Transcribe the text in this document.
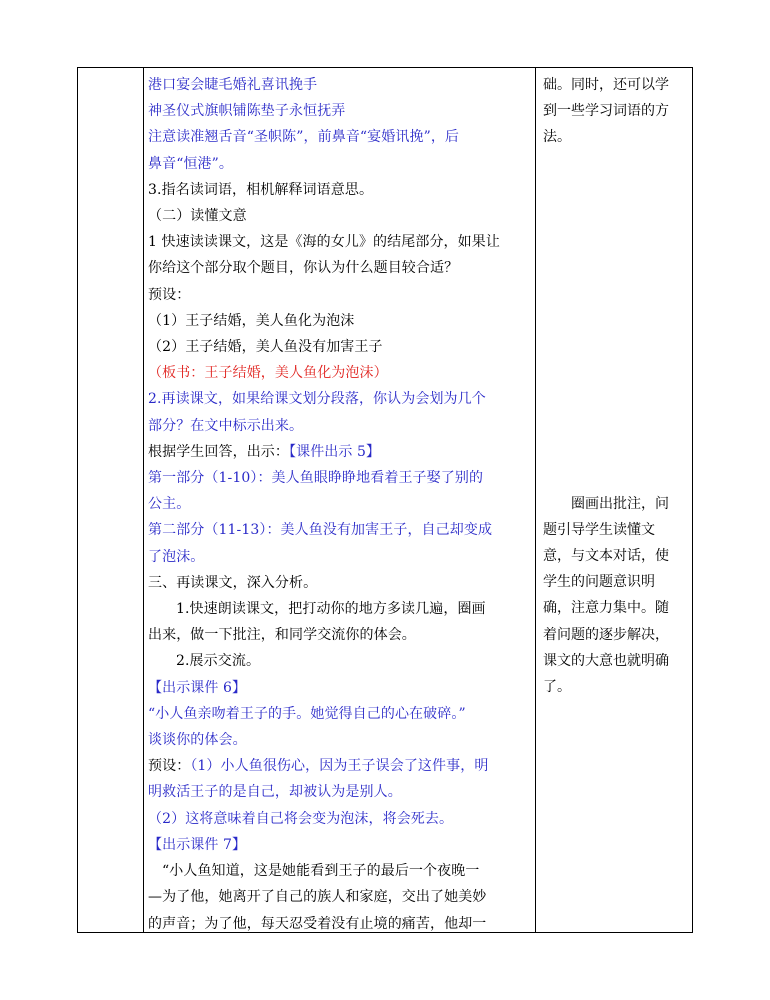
港口宴会睫毛婚礼喜讯挽手
神圣仪式旗帜铺陈垫子永恒抚弄
注意读准翘舌音“圣帜陈”，前鼻音“宴婚讯挽”，后
鼻音“恒港”。
3.指名读词语，相机解释词语意思。
（二）读懂文意
1 快速读读课文，这是《海的女儿》的结尾部分，如果让
你给这个部分取个题目，你认为什么题目较合适？
预设：
（1）王子结婚，美人鱼化为泡沫
（2）王子结婚，美人鱼没有加害王子
（板书：王子结婚，美人鱼化为泡沫）
2.再读课文，如果给课文划分段落，你认为会划为几个
部分？在文中标示出来。
根据学生回答，出示：【课件出示 5】
第一部分（1-10）：美人鱼眼睁睁地看着王子娶了别的
公主。
第二部分（11-13）：美人鱼没有加害王子，自己却变成
了泡沫。
三、再读课文，深入分析。
1.快速朗读课文，把打动你的地方多读几遍，圈画
出来，做一下批注，和同学交流你的体会。
2.展示交流。
【出示课件 6】
“小人鱼亲吻着王子的手。她觉得自己的心在破碎。”
谈谈你的体会。
预设：（1）小人鱼很伤心，因为王子误会了这件事，明
明救活王子的是自己，却被认为是别人。
（2）这将意味着自己将会变为泡沫，将会死去。
【出示课件 7】
“小人鱼知道，这是她能看到王子的最后一个夜晚一
—为了他，她离开了自己的族人和家庭，交出了她美妙
的声音；为了他，每天忍受着没有止境的痛苦，他却一
础。同时，还可以学
到一些学习词语的方
法。
圈画出批注，问
题引导学生读懂文
意，与文本对话，使
学生的问题意识明
确，注意力集中。随
着问题的逐步解决，
课文的大意也就明确
了。
